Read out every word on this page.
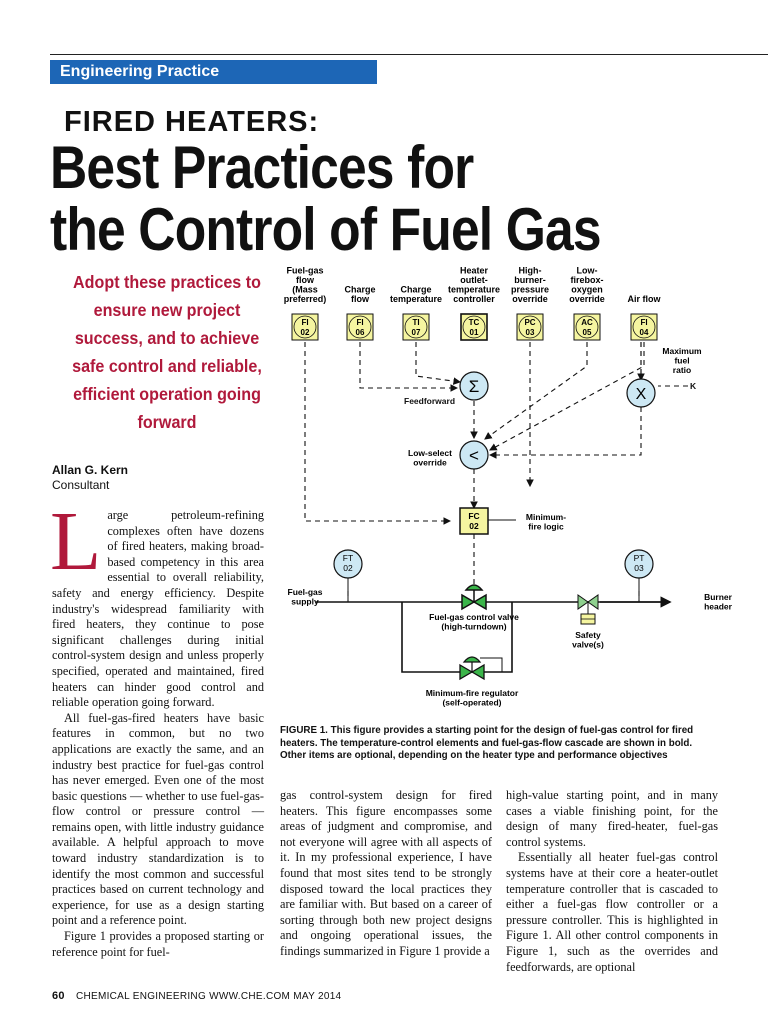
Engineering Practice
FIRED HEATERS:
Best Practices for
the Control of Fuel Gas
Adopt these practices to ensure new project success, and to achieve safe control and reliable, efficient operation going forward
Allan G. Kern
Consultant
Fuel-gas
flow
(Mass
preferred)
Charge
flow
Charge
temperature
Heater
outlet-
temperature
controller
High-
burner-
pressure
override
Low-
firebox-
oxygen
override	Air flow
FI
02
FI
06
TI
07
TC
01
PC
03
AC
05
FI
04
Σ	X
<
FC
02
FT
02
PT
03
Feedforward
K
Maximum
fuel
ratio
Low-select
override
Minimum-
fire logic
Fuel-gas
supply	Burner
header
Fuel-gas control valve
(high-turndown)
Safety
valve(s)
Minimum-fire regulator
(self-operated)
FIGURE 1. This figure provides a starting point for the design of fuel-gas control for fired heaters. The temperature-control elements and fuel-gas-flow cascade are shown in bold. Other items are optional, depending on the heater type and performance objectives
L arge petroleum-refining complexes often have dozens of fired heaters, making broad-based competency in this area essential to overall reliability, safety and energy efficiency. Despite industry's widespread familiarity with fired heaters, they continue to pose significant challenges during initial control-system design and unless properly specified, operated and maintained, fired heaters can hinder good control and reliable operation going forward.

All fuel-gas-fired heaters have basic features in common, but no two applications are exactly the same, and an industry best practice for fuel-gas control has never emerged. Even one of the most basic questions — whether to use fuel-gas-flow control or pressure control — remains open, with little industry guidance available. A helpful approach to move toward industry standardization is to identify the most common and successful practices based on current technology and experience, for use as a design starting point and a reference point.

Figure 1 provides a proposed starting or reference point for fuel-

gas control-system design for fired heaters. This figure encompasses some areas of judgment and compromise, and not everyone will agree with all aspects of it. In my professional experience, I have found that most sites tend to be strongly disposed toward the local practices they are familiar with. But based on a career of sorting through both new project designs and ongoing operational issues, the findings summarized in Figure 1 provide a

high-value starting point, and in many cases a viable finishing point, for the design of many fired-heater, fuel-gas control systems.

Essentially all heater fuel-gas control systems have at their core a heater-outlet temperature controller that is cascaded to either a fuel-gas flow controller or a pressure controller. This is highlighted in Figure 1. All other control components in Figure 1, such as the overrides and feedforwards, are optional

60 CHEMICAL ENGINEERING WWW.CHE.COM MAY 2014
